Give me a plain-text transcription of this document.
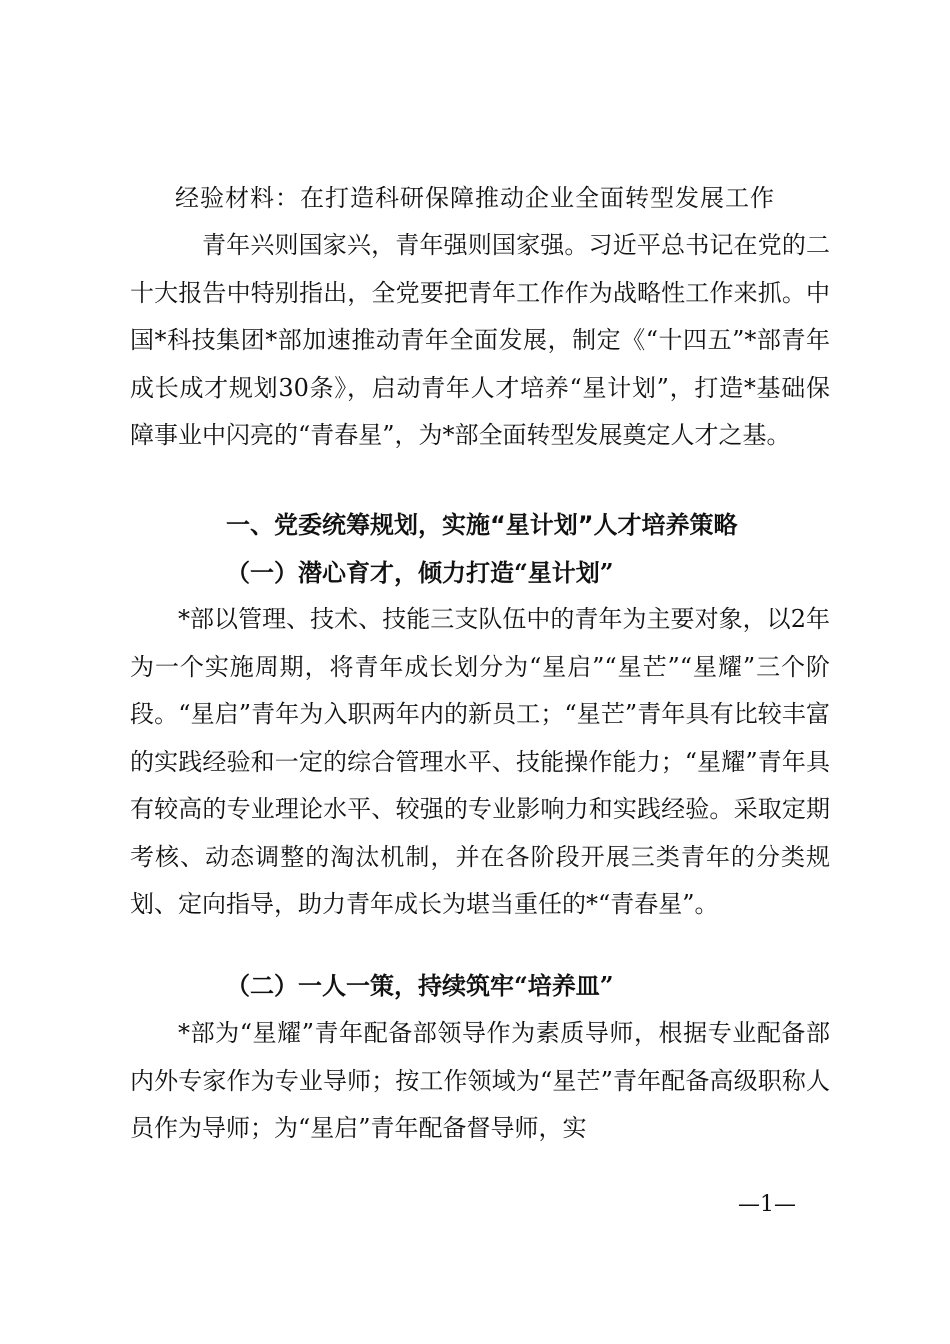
经验材料：在打造科研保障推动企业全面转型发展工作
青年兴则国家兴，青年强则国家强。习近平总书记在党的二十大报告中特别指出，全党要把青年工作作为战略性工作来抓。中国*科技集团*部加速推动青年全面发展，制定《“十四五”*部青年成长成才规划30条》，启动青年人才培养“星计划”，打造*基础保障事业中闪亮的“青春星”，为*部全面转型发展奠定人才之基。
一、党委统筹规划，实施“星计划”人才培养策略
（一）潜心育才，倾力打造“星计划”
*部以管理、技术、技能三支队伍中的青年为主要对象，以2年为一个实施周期，将青年成长划分为“星启”“星芒”“星耀”三个阶段。“星启”青年为入职两年内的新员工；“星芒”青年具有比较丰富的实践经验和一定的综合管理水平、技能操作能力；“星耀”青年具有较高的专业理论水平、较强的专业影响力和实践经验。采取定期考核、动态调整的淘汰机制，并在各阶段开展三类青年的分类规划、定向指导，助力青年成长为堪当重任的*“青春星”。
（二）一人一策，持续筑牢“培养皿”
*部为“星耀”青年配备部领导作为素质导师，根据专业配备部内外专家作为专业导师；按工作领域为“星芒”青年配备高级职称人员作为导师；为“星启”青年配备督导师，实
—1—
